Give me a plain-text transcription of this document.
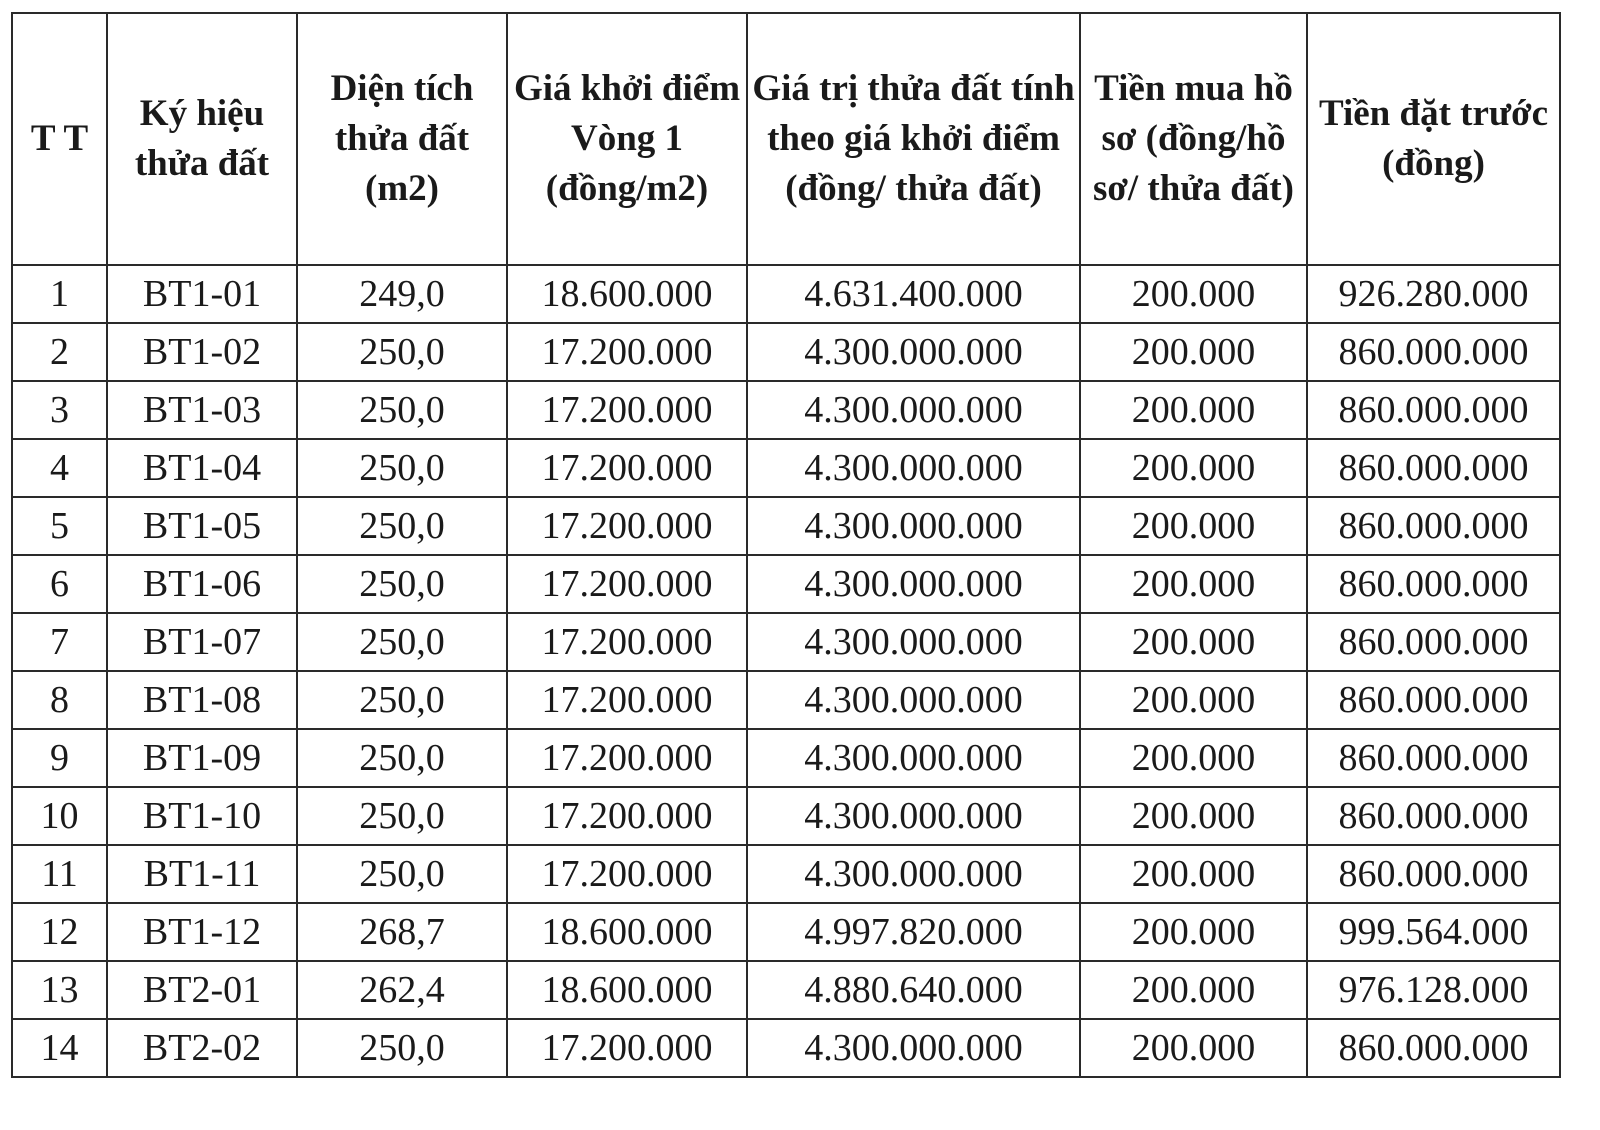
T T	Ký hiệu thửa đất	Diện tích thửa đất (m2)	Giá khởi điểm Vòng 1 (đồng/m2)	Giá trị thửa đất tính theo giá khởi điểm (đồng/ thửa đất)	Tiền mua hồ sơ (đồng/hồ sơ/ thửa đất)	Tiền đặt trước (đồng)
1	BT1-01	249,0	18.600.000	4.631.400.000	200.000	926.280.000
2	BT1-02	250,0	17.200.000	4.300.000.000	200.000	860.000.000
3	BT1-03	250,0	17.200.000	4.300.000.000	200.000	860.000.000
4	BT1-04	250,0	17.200.000	4.300.000.000	200.000	860.000.000
5	BT1-05	250,0	17.200.000	4.300.000.000	200.000	860.000.000
6	BT1-06	250,0	17.200.000	4.300.000.000	200.000	860.000.000
7	BT1-07	250,0	17.200.000	4.300.000.000	200.000	860.000.000
8	BT1-08	250,0	17.200.000	4.300.000.000	200.000	860.000.000
9	BT1-09	250,0	17.200.000	4.300.000.000	200.000	860.000.000
10	BT1-10	250,0	17.200.000	4.300.000.000	200.000	860.000.000
11	BT1-11	250,0	17.200.000	4.300.000.000	200.000	860.000.000
12	BT1-12	268,7	18.600.000	4.997.820.000	200.000	999.564.000
13	BT2-01	262,4	18.600.000	4.880.640.000	200.000	976.128.000
14	BT2-02	250,0	17.200.000	4.300.000.000	200.000	860.000.000
